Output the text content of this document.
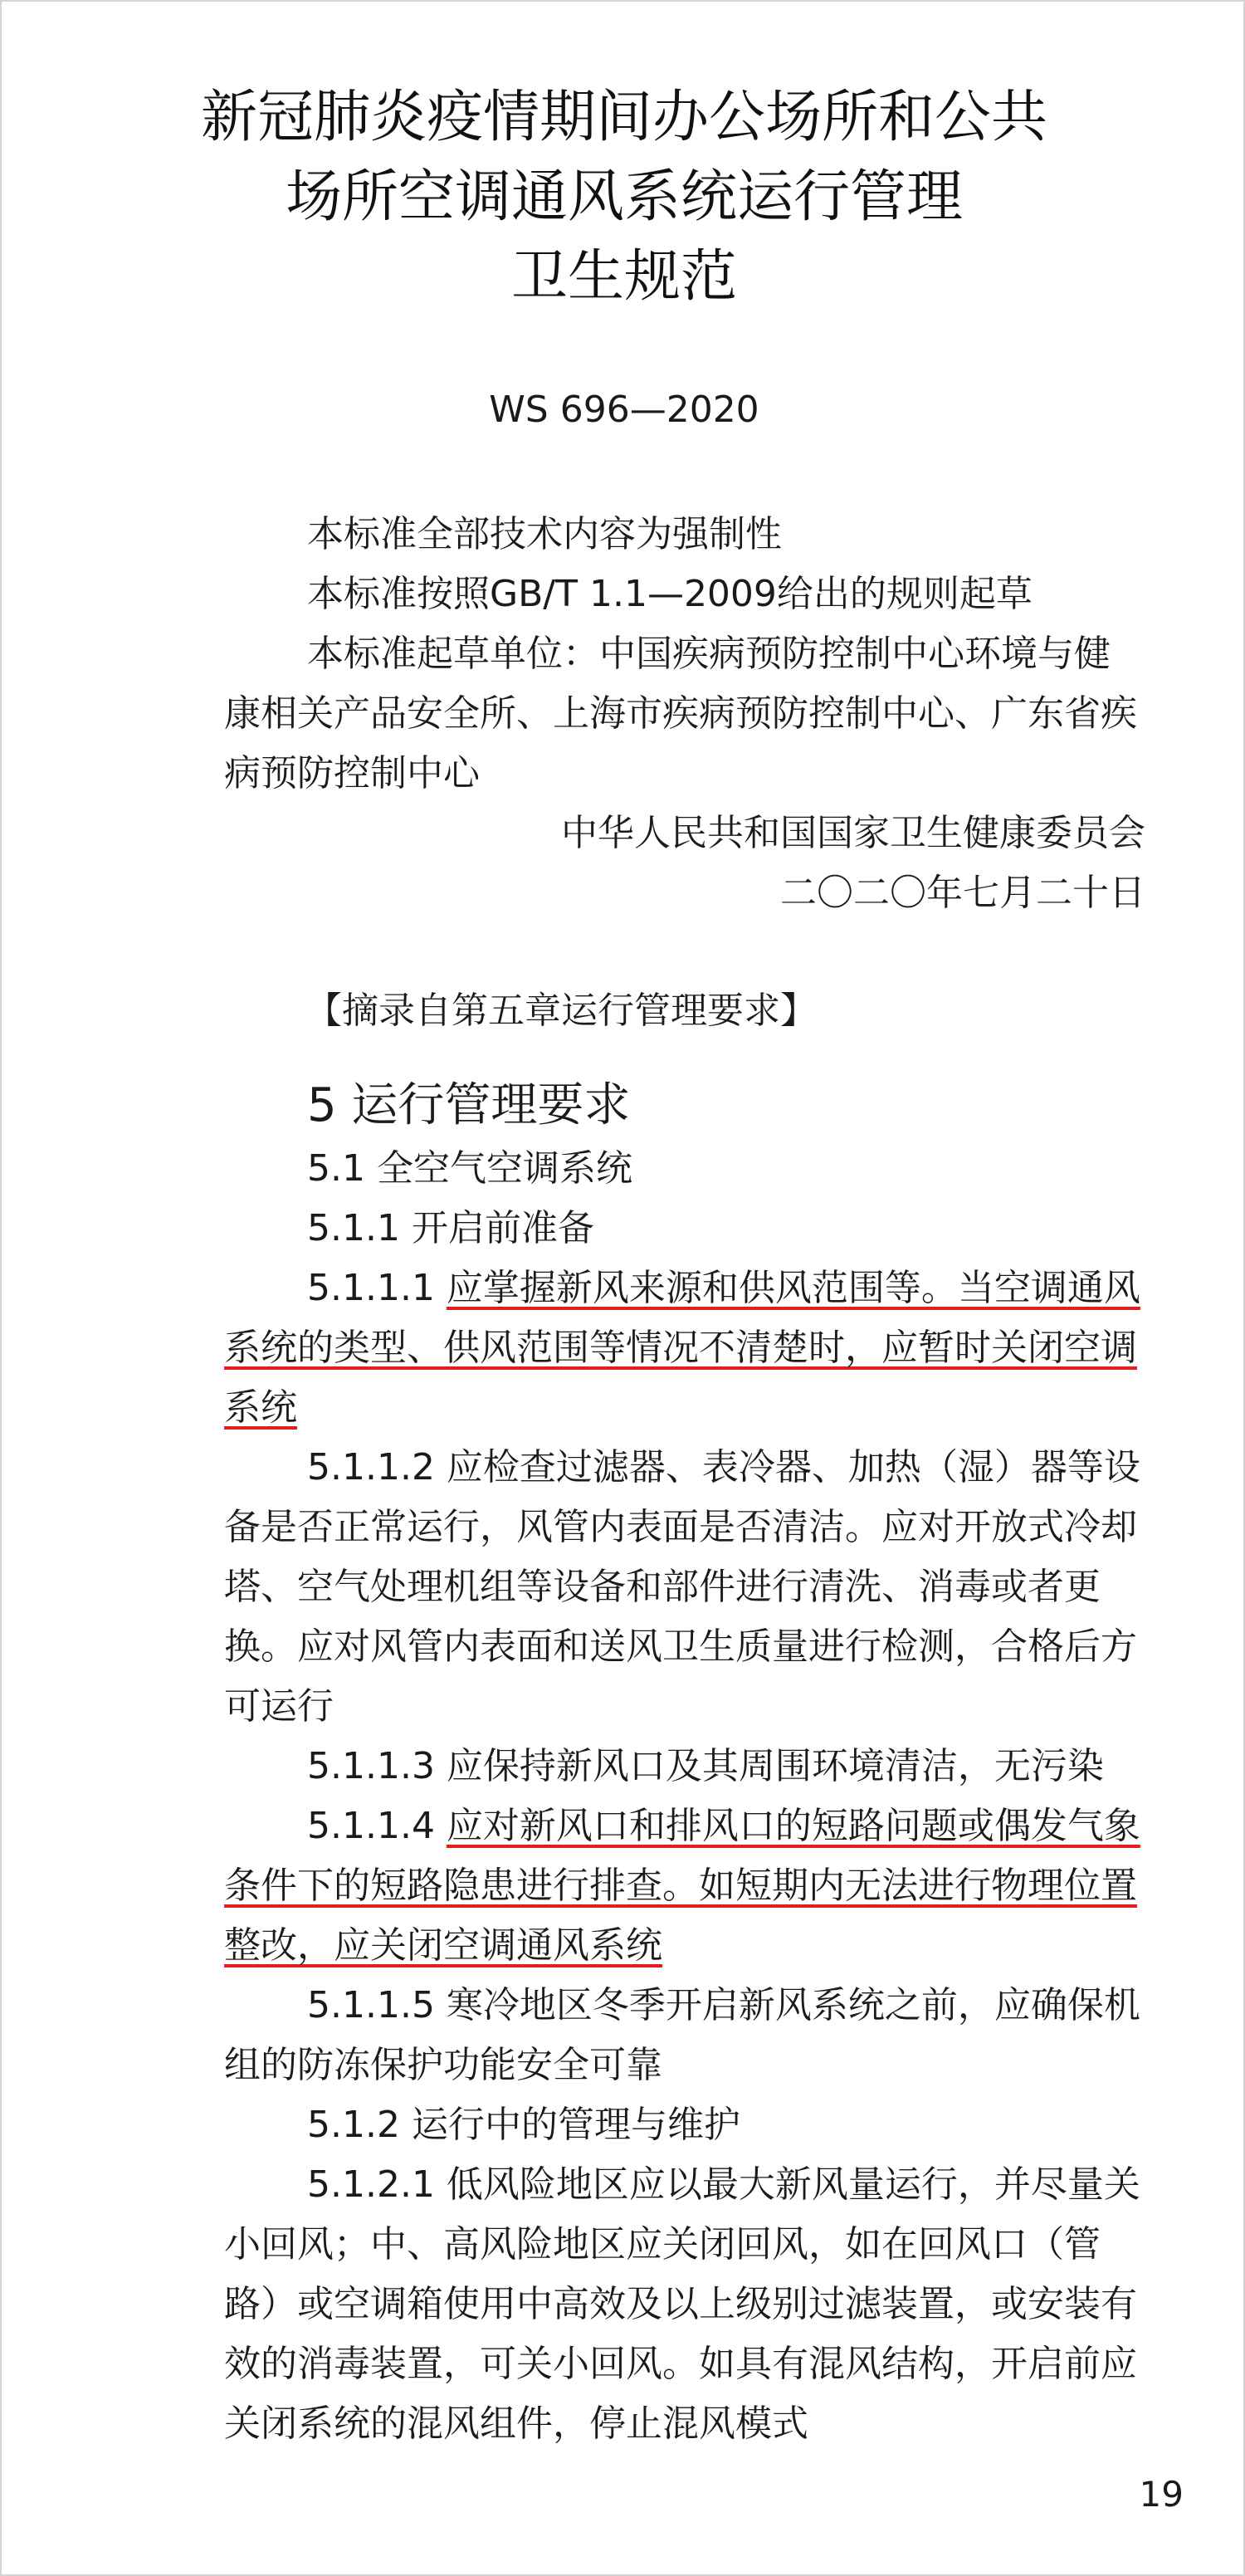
新冠肺炎疫情期间办公场所和公共
场所空调通风系统运行管理
卫生规范
WS 696—2020

本标准全部技术内容为强制性

本标准按照GB/T 1.1—2009给出的规则起草

本标准起草单位：中国疾病预防控制中心环境与健康相关产品安全所、上海市疾病预防控制中心、广东省疾病预防控制中心

中华人民共和国国家卫生健康委员会

二〇二〇年七月二十日

【摘录自第五章运行管理要求】

5 运行管理要求

5.1 全空气空调系统

5.1.1 开启前准备

5.1.1.1 应掌握新风来源和供风范围等。当空调通风系统的类型、供风范围等情况不清楚时，应暂时关闭空调系统

5.1.1.2 应检查过滤器、表冷器、加热（湿）器等设备是否正常运行，风管内表面是否清洁。应对开放式冷却塔、空气处理机组等设备和部件进行清洗、消毒或者更换。应对风管内表面和送风卫生质量进行检测，合格后方可运行

5.1.1.3 应保持新风口及其周围环境清洁，无污染

5.1.1.4 应对新风口和排风口的短路问题或偶发气象条件下的短路隐患进行排查。如短期内无法进行物理位置整改，应关闭空调通风系统

5.1.1.5 寒冷地区冬季开启新风系统之前，应确保机组的防冻保护功能安全可靠

5.1.2 运行中的管理与维护

5.1.2.1 低风险地区应以最大新风量运行，并尽量关小回风；中、高风险地区应关闭回风，如在回风口（管路）或空调箱使用中高效及以上级别过滤装置，或安装有效的消毒装置，可关小回风。如具有混风结构，开启前应关闭系统的混风组件，停止混风模式

19
